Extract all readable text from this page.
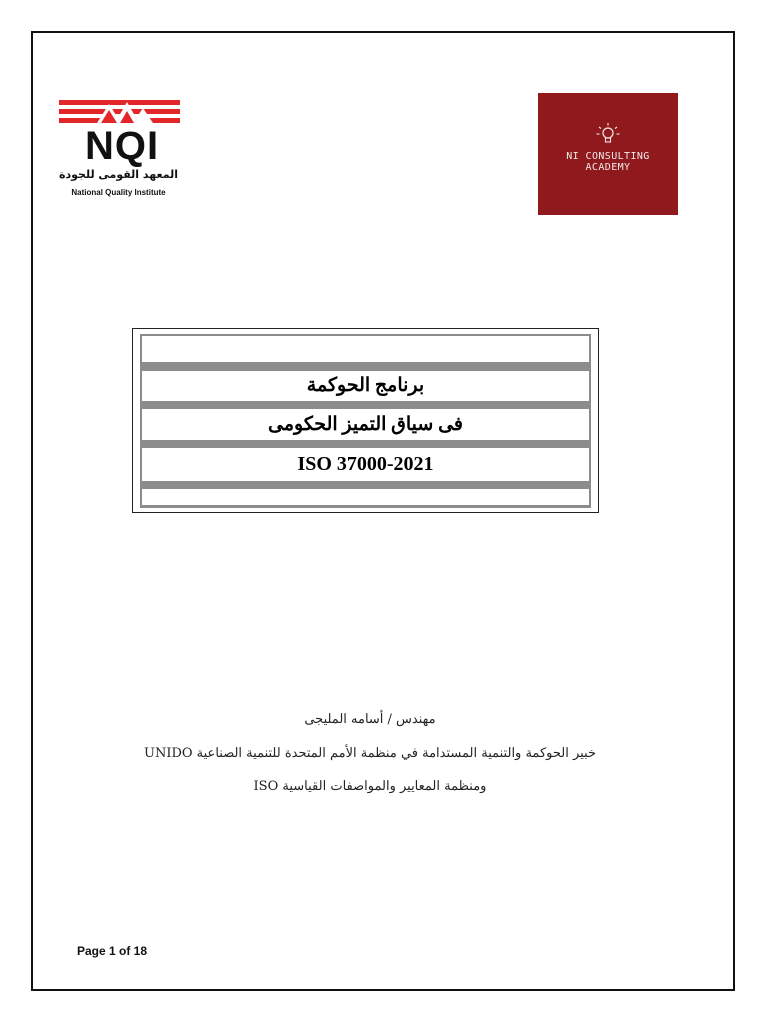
NQI
المعهد القومى للجودة
National Quality Institute
NI CONSULTING
ACADEMY
برنامج الحوكمة
فى سياق التميز الحكومى
ISO 37000-2021

مهندس / أسامه المليجى

خبير الحوكمة والتنمية المستدامة في منظمة الأمم المتحدة للتنمية الصناعية UNIDO

ومنظمة المعايير والمواصفات القياسية ISO

Page 1 of 18
